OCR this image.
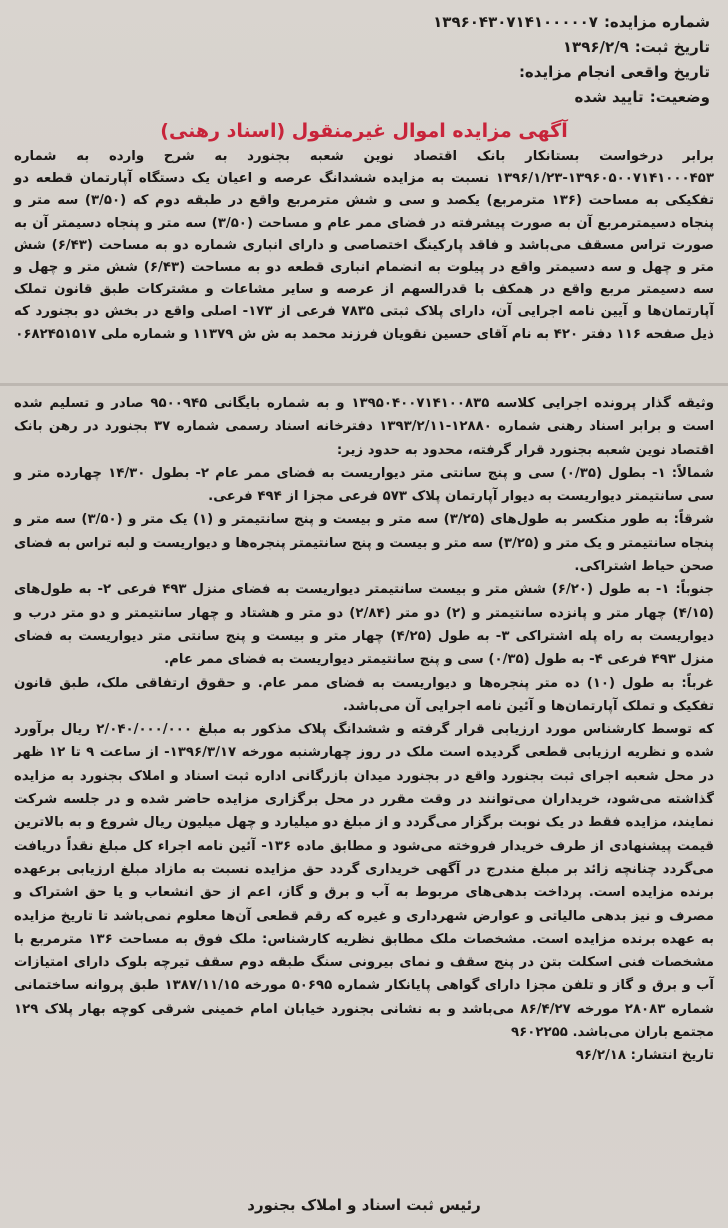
شماره مزایده:۱۳۹۶۰۴۳۰۷۱۴۱۰۰۰۰۰۷
تاریخ ثبت:۱۳۹۶/۲/۹
تاریخ واقعی انجام مزایده:
وضعیت:تایید شده
آگهی مزایده اموال غیرمنقول (اسناد رهنی)
برابر درخواست بستانکار بانک اقتصاد نوین شعبه بجنورد به شرح وارده به شماره ۱۳۹۶۰۵۰۰۷۱۴۱۰۰۰۴۵۳-۱۳۹۶/۱/۲۳ نسبت به مزایده ششدانگ عرصه و اعیان یک دستگاه آپارتمان قطعه دو تفکیکی به مساحت (۱۳۶ مترمربع) یکصد و سی و شش مترمربع واقع در طبقه دوم که (۳/۵۰) سه متر و پنجاه دسیمترمربع آن به صورت پیشرفته در فضای ممر عام و مساحت (۳/۵۰) سه متر و پنجاه دسیمتر آن به صورت تراس مسقف می‌باشد و فاقد پارکینگ اختصاصی و دارای انباری شماره دو به مساحت (۶/۴۳) شش متر و چهل و سه دسیمتر واقع در پیلوت به انضمام انباری قطعه دو به مساحت (۶/۴۳) شش متر و چهل و سه دسیمتر مربع واقع در همکف با قدرالسهم از عرصه و سایر مشاعات و مشترکات طبق قانون تملک آپارتمان‌ها و آیین نامه اجرایی آن، دارای پلاک ثبتی ۷۸۳۵ فرعی از ۱۷۳- اصلی واقع در بخش دو بجنورد که ذیل صفحه ۱۱۶ دفتر ۴۲۰ به نام آقای حسین نقویان فرزند محمد به ش ش ۱۱۳۷۹ و شماره ملی ۰۶۸۲۴۵۱۵۱۷

وثیقه گذار پرونده اجرایی کلاسه ۱۳۹۵۰۴۰۰۷۱۴۱۰۰۸۳۵ و به شماره بایگانی ۹۵۰۰۹۴۵ صادر و تسلیم شده است و برابر اسناد رهنی شماره ۱۲۸۸۰-۱۳۹۳/۲/۱۱ دفترخانه اسناد رسمی شماره ۳۷ بجنورد در رهن بانک اقتصاد نوین شعبه بجنورد قرار گرفته، محدود به حدود زیر:

شمالاً: ۱- بطول (۰/۳۵) سی و پنج سانتی متر دیواریست به فضای ممر عام ۲- بطول ۱۴/۳۰ چهارده متر و سی سانتیمتر دیواریست به دیوار آپارتمان پلاک ۵۷۳ فرعی مجزا از ۴۹۴ فرعی.

شرقاً: به طور منکسر به طول‌های (۳/۲۵) سه متر و بیست و پنج سانتیمتر و (۱) یک متر و (۳/۵۰) سه متر و پنجاه سانتیمتر و یک متر و (۳/۲۵) سه متر و بیست و پنج سانتیمتر پنجره‌ها و دیواریست و لبه تراس به فضای صحن حیاط اشتراکی.

جنوباً: ۱- به طول (۶/۲۰) شش متر و بیست سانتیمتر دیواریست به فضای منزل ۴۹۳ فرعی ۲- به طول‌های (۴/۱۵) چهار متر و پانزده سانتیمتر و (۲) دو متر (۲/۸۴) دو متر و هشتاد و چهار سانتیمتر و دو متر درب و دیواریست به راه پله اشتراکی ۳- به طول (۴/۲۵) چهار متر و بیست و پنج سانتی متر دیواریست به فضای منزل ۴۹۳ فرعی ۴- به طول (۰/۳۵) سی و پنج سانتیمتر دیواریست به فضای ممر عام.

غرباً: به طول (۱۰) ده متر پنجره‌ها و دیواریست به فضای ممر عام. و حقوق ارتفاقی ملک، طبق قانون تفکیک و تملک آپارتمان‌ها و آئین نامه اجرایی آن می‌باشد.

که توسط کارشناس مورد ارزیابی قرار گرفته و ششدانگ پلاک مذکور به مبلغ ۲/۰۴۰/۰۰۰/۰۰۰ ریال برآورد شده و نظریه ارزیابی قطعی گردیده است ملک در روز چهارشنبه مورخه ۱۳۹۶/۳/۱۷- از ساعت ۹ تا ۱۲ ظهر در محل شعبه اجرای ثبت بجنورد واقع در بجنورد میدان بازرگانی اداره ثبت اسناد و املاک بجنورد به مزایده گذاشته می‌شود، خریداران می‌توانند در وقت مقرر در محل برگزاری مزایده حاضر شده و در جلسه شرکت نمایند، مزایده فقط در یک نوبت برگزار می‌گردد و از مبلغ دو میلیارد و چهل میلیون ریال شروع و به بالاترین قیمت پیشنهادی از طرف خریدار فروخته می‌شود و مطابق ماده ۱۳۶- آئین نامه اجراء کل مبلغ نقداً دریافت می‌گردد چنانچه زائد بر مبلغ مندرج در آگهی خریداری گردد حق مزایده نسبت به مازاد مبلغ ارزیابی برعهده برنده مزایده است. پرداخت بدهی‌های مربوط به آب و برق و گاز، اعم از حق انشعاب و یا حق اشتراک و مصرف و نیز بدهی مالیاتی و عوارض شهرداری و غیره که رقم قطعی آن‌ها معلوم نمی‌باشد تا تاریخ مزایده به عهده برنده مزایده است. مشخصات ملک مطابق نظریه کارشناس: ملک فوق به مساحت ۱۳۶ مترمربع با مشخصات فنی اسکلت بتن در پنج سقف و نمای بیرونی سنگ طبقه دوم سقف تیرچه بلوک دارای امتیازات آب و برق و گاز و تلفن مجزا دارای گواهی پایانکار شماره ۵۰۶۹۵ مورخه ۱۳۸۷/۱۱/۱۵ طبق پروانه ساختمانی شماره ۲۸۰۸۳ مورخه ۸۶/۴/۲۷ می‌باشد و به نشانی بجنورد خیابان امام خمینی شرقی کوچه بهار پلاک ۱۲۹ مجتمع باران می‌باشد. ۹۶۰۲۲۵۵

تاریخ انتشار: ۹۶/۲/۱۸

رئیس ثبت اسناد و املاک بجنورد
